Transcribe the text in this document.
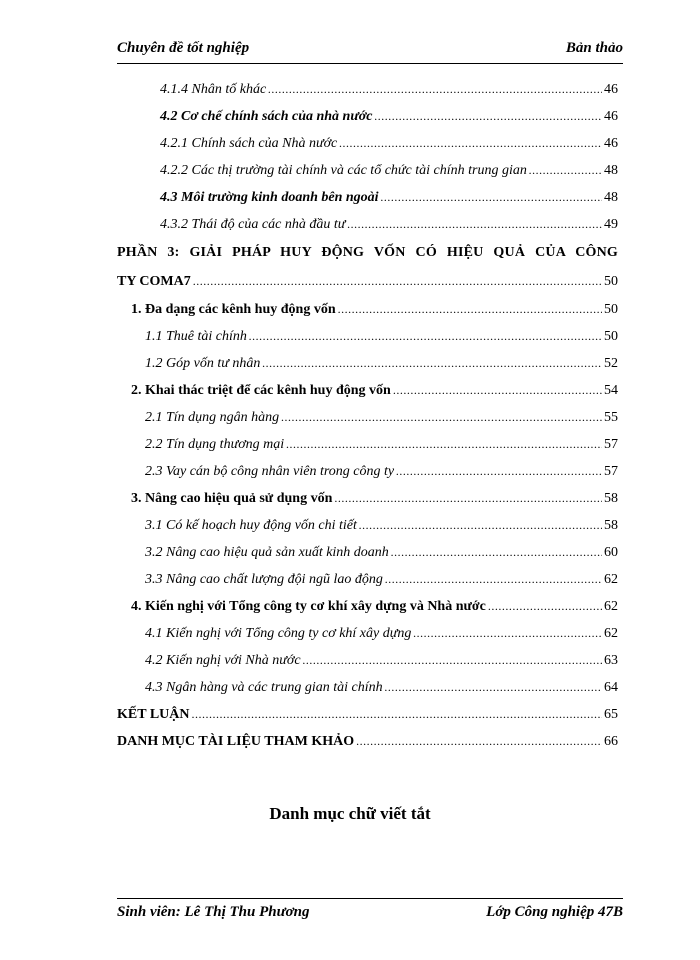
Chuyên đề tốt nghiệp	Bản thảo
4.1.4 Nhân tố khác .....	46
4.2 Cơ chế chính sách của nhà nước .....	46
4.2.1 Chính sách của Nhà nước .....	46
4.2.2 Các thị trường tài chính và các tổ chức tài chính trung gian .....	48
4.3 Môi trường kinh doanh bên ngoài .....	48
4.3.2 Thái độ của các nhà đầu tư .....	49
PHẦN 3: GIẢI PHÁP HUY ĐỘNG VỐN CÓ HIỆU QUẢ CỦA CÔNG
TY COMA7 .....	50
1. Đa dạng các kênh huy động vốn .....	50
1.1 Thuê tài chính .....	50
1.2 Góp vốn tư nhân .....	52
2. Khai thác triệt để các kênh huy động vốn .....	54
2.1 Tín dụng ngân hàng .....	55
2.2 Tín dụng thương mại .....	57
2.3 Vay cán bộ công nhân viên trong công ty .....	57
3. Nâng cao hiệu quả sử dụng vốn .....	58
3.1 Có kế hoạch huy động vốn chi tiết .....	58
3.2 Nâng cao hiệu quả sản xuất kinh doanh .....	60
3.3 Nâng cao chất lượng đội ngũ lao động .....	62
4. Kiến nghị với Tổng công ty cơ khí xây dựng và Nhà nước .....	62
4.1 Kiến nghị với Tổng công ty cơ khí xây dựng .....	62
4.2 Kiến nghị với Nhà nước .....	63
4.3 Ngân hàng và các trung gian tài chính .....	64
KẾT LUẬN .....	65
DANH MỤC TÀI LIỆU THAM KHẢO .....	66
Danh mục chữ viết tắt
Sinh viên: Lê Thị Thu Phương	Lớp Công nghiệp 47B
